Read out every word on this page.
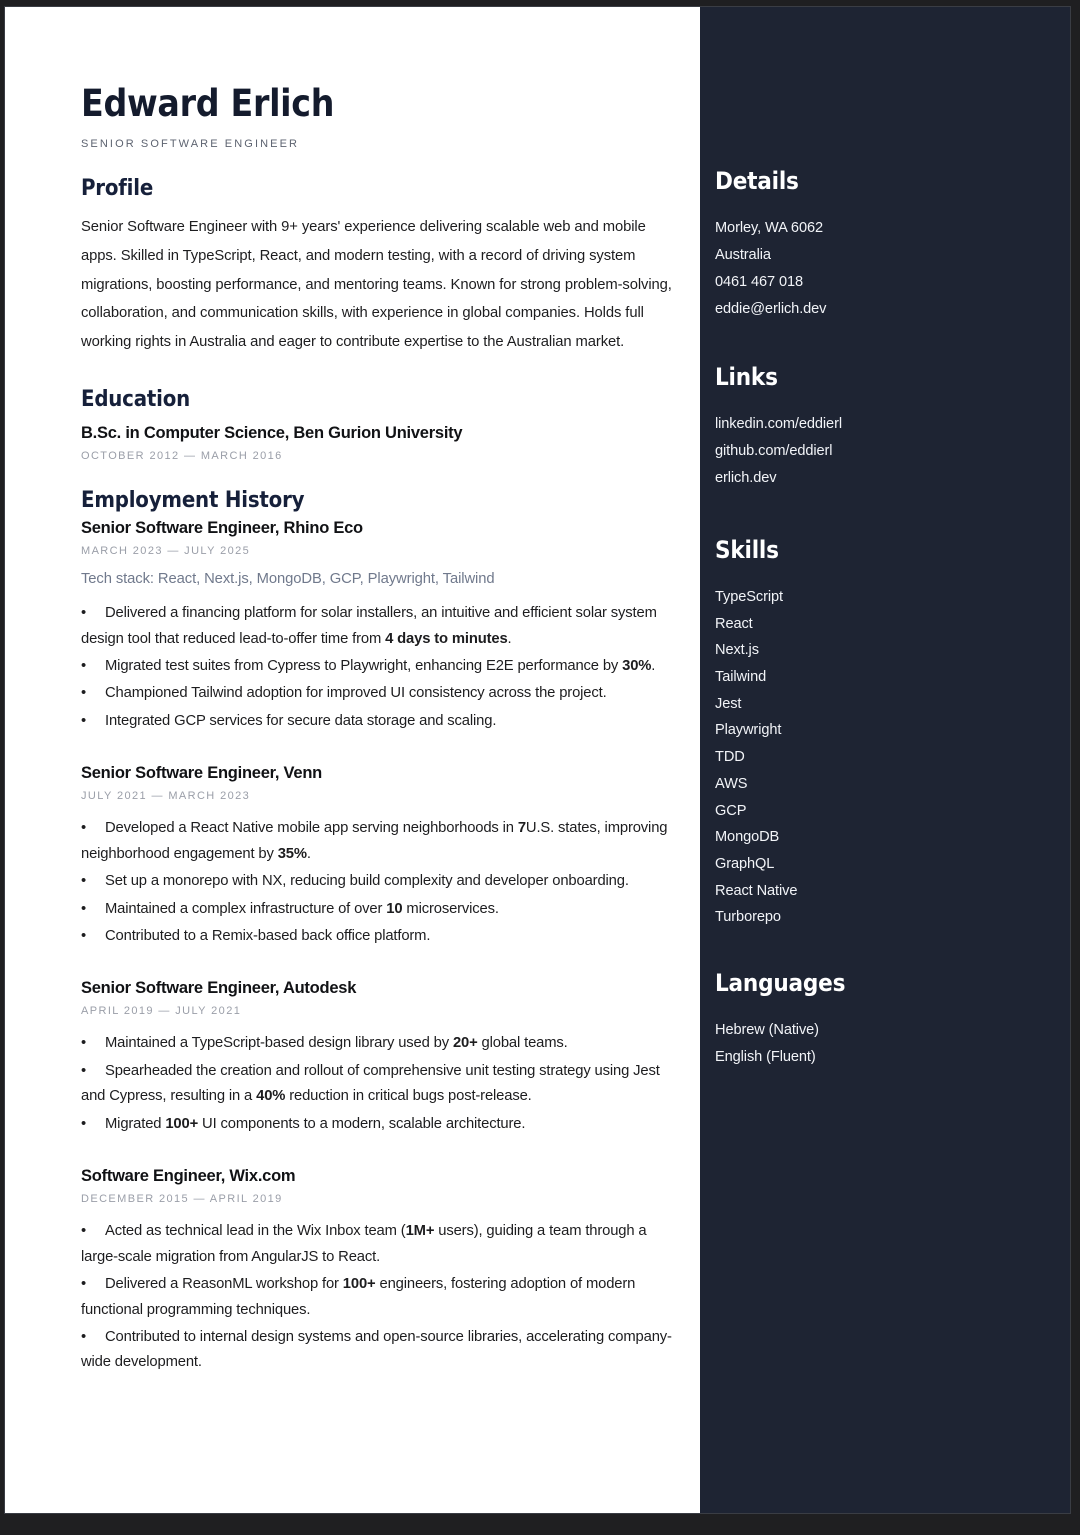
Edward Erlich
SENIOR SOFTWARE ENGINEER
Profile

Senior Software Engineer with 9+ years' experience delivering scalable web and mobile apps. Skilled in TypeScript, React, and modern testing, with a record of driving system migrations, boosting performance, and mentoring teams. Known for strong problem-solving, collaboration, and communication skills, with experience in global companies. Holds full working rights in Australia and eager to contribute expertise to the Australian market.

Education
B.Sc. in Computer Science, Ben Gurion University
OCTOBER 2012 — MARCH 2016
Employment History
Senior Software Engineer, Rhino Eco
MARCH 2023 — JULY 2025
Tech stack: React, Next.js, MongoDB, GCP, Playwright, Tailwind

• Delivered a financing platform for solar installers, an intuitive and efficient solar system design tool that reduced lead-to-offer time from 4 days to minutes.

• Migrated test suites from Cypress to Playwright, enhancing E2E performance by 30%.

• Championed Tailwind adoption for improved UI consistency across the project.

• Integrated GCP services for secure data storage and scaling.

Senior Software Engineer, Venn
JULY 2021 — MARCH 2023

• Developed a React Native mobile app serving neighborhoods in 7U.S. states, improving neighborhood engagement by 35%.

• Set up a monorepo with NX, reducing build complexity and developer onboarding.

• Maintained a complex infrastructure of over 10 microservices.

• Contributed to a Remix-based back office platform.

Senior Software Engineer, Autodesk
APRIL 2019 — JULY 2021

• Maintained a TypeScript-based design library used by 20+ global teams.

• Spearheaded the creation and rollout of comprehensive unit testing strategy using Jest and Cypress, resulting in a 40% reduction in critical bugs post-release.

• Migrated 100+ UI components to a modern, scalable architecture.

Software Engineer, Wix.com
DECEMBER 2015 — APRIL 2019

• Acted as technical lead in the Wix Inbox team (1M+ users), guiding a team through a large-scale migration from AngularJS to React.

• Delivered a ReasonML workshop for 100+ engineers, fostering adoption of modern functional programming techniques.

• Contributed to internal design systems and open-source libraries, accelerating company-wide development.

Details
Morley, WA 6062
Australia
0461 467 018
eddie@erlich.dev
Links
linkedin.com/eddierl
github.com/eddierl
erlich.dev
Skills
TypeScript
React
Next.js
Tailwind
Jest
Playwright
TDD
AWS
GCP
MongoDB
GraphQL
React Native
Turborepo
Languages
Hebrew (Native)
English (Fluent)
